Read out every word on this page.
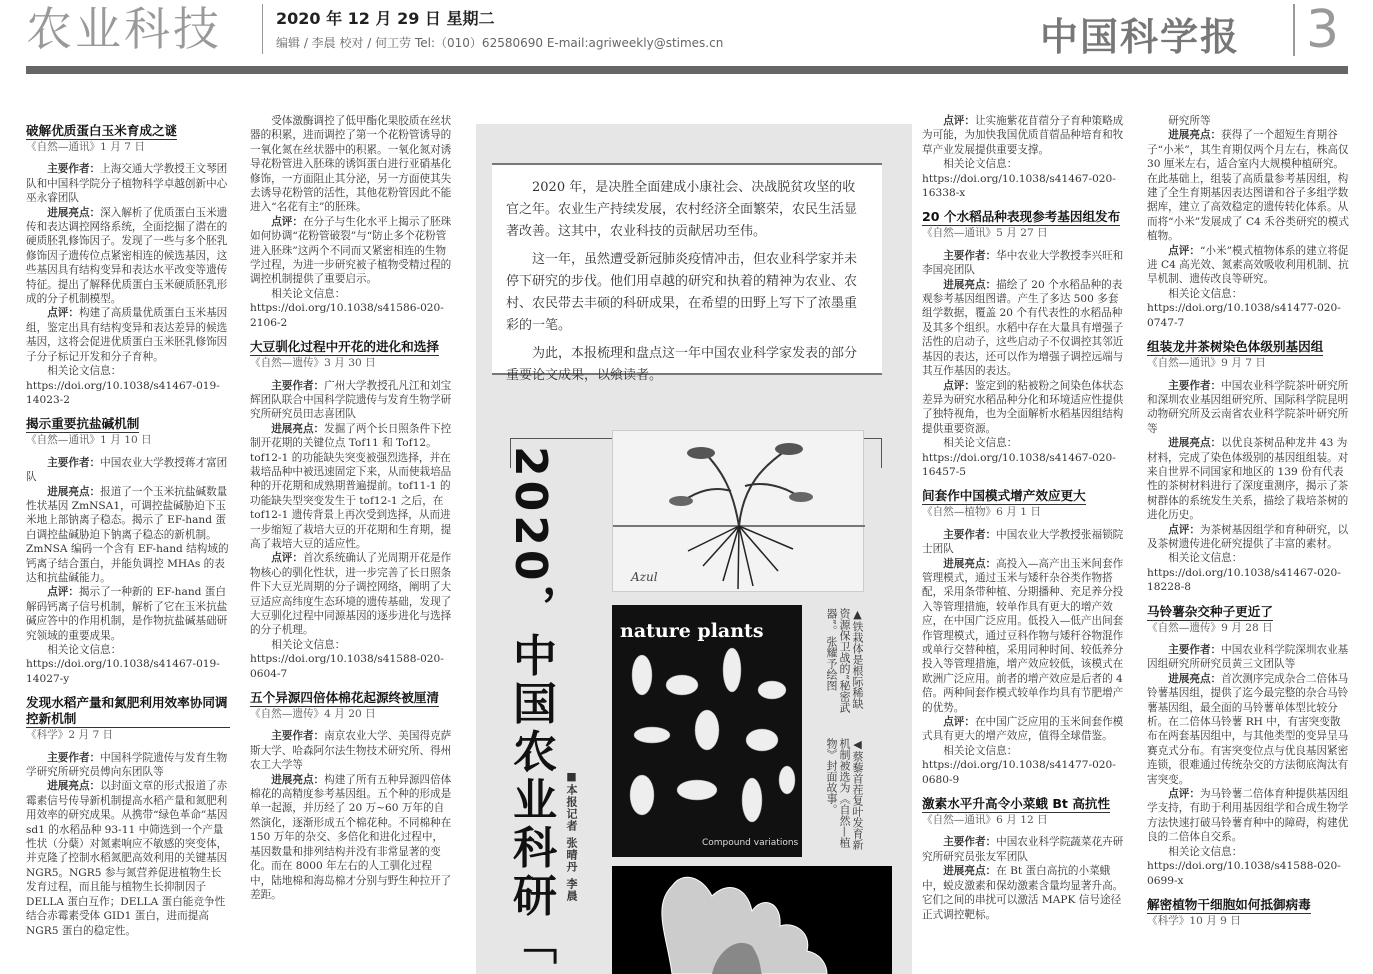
农业科技	2020 年 12 月 29 日 星期二
编辑 / 李晨 校对 / 何工劳 Tel:（010）62580690 E-mail:agriweekly@stimes.cn	中国科学报 3
破解优质蛋白玉米育成之谜
《自然—通讯》1 月 7 日

主要作者：上海交通大学教授王文琴团队和中国科学院分子植物科学卓越创新中心巫永睿团队

进展亮点：深入解析了优质蛋白玉米遗传和表达调控网络系统，全面挖掘了潜在的硬质胚乳修饰因子。发现了一些与多个胚乳修饰因子遗传位点紧密相连的候选基因，这些基因具有结构变异和表达水平改变等遗传特征。提出了解释优质蛋白玉米硬质胚乳形成的分子机制模型。

点评：构建了高质量优质蛋白玉米基因组，鉴定出具有结构变异和表达差异的候选基因，这将会促进优质蛋白玉米胚乳修饰因子分子标记开发和分子育种。

相关论文信息：https://doi.org/10.1038/s41467-019-14023-2

揭示重要抗盐碱机制
《自然—通讯》1 月 10 日

主要作者：中国农业大学教授蒋才富团队

进展亮点：报道了一个玉米抗盐碱数量性状基因 ZmNSA1，可调控盐碱胁迫下玉米地上部钠离子稳态。揭示了 EF-hand 蛋白调控盐碱胁迫下钠离子稳态的新机制。ZmNSA 编码一个含有 EF-hand 结构域的钙离子结合蛋白，并能负调控 MHAs 的表达和抗盐碱能力。

点评：揭示了一种新的 EF-hand 蛋白解码钙离子信号机制，解析了它在玉米抗盐碱应答中的作用机制，是作物抗盐碱基础研究领域的重要成果。

相关论文信息：https://doi.org/10.1038/s41467-019-14027-y

发现水稻产量和氮肥利用效率协同调控新机制
《科学》2 月 7 日

主要作者：中国科学院遗传与发育生物学研究所研究员傅向东团队等

进展亮点：以封面文章的形式报道了赤霉素信号传导新机制提高水稻产量和氮肥利用效率的研究成果。从携带“绿色革命”基因 sd1 的水稻品种 93-11 中筛选到一个产量性状（分蘖）对氮素响应不敏感的突变体，并克隆了控制水稻氮肥高效利用的关键基因 NGR5。NGR5 参与氮营养促进植物生长发育过程，而且能与植物生长抑制因子 DELLA 蛋白互作；DELLA 蛋白能竞争性结合赤霉素受体 GID1 蛋白，进而提高 NGR5 蛋白的稳定性。

受体激酶调控了低甲酯化果胶质在丝状器的积累，进而调控了第一个花粉管诱导的一氧化氮在丝状器中的积累。一氧化氮对诱导花粉管进入胚珠的诱饵蛋白进行亚硝基化修饰，一方面阻止其分泌，另一方面使其失去诱导花粉管的活性，其他花粉管因此不能进入“名花有主”的胚珠。

点评：在分子与生化水平上揭示了胚珠如何协调“花粉管破裂”与“防止多个花粉管进入胚珠”这两个不同而又紧密相连的生物学过程，为进一步研究被子植物受精过程的调控机制提供了重要启示。

相关论文信息：https://doi.org/10.1038/s41586-020-2106-2

大豆驯化过程中开花的进化和选择
《自然—遗传》3 月 30 日

主要作者：广州大学教授孔凡江和刘宝辉团队联合中国科学院遗传与发育生物学研究所研究员田志喜团队

进展亮点：发掘了两个长日照条件下控制开花期的关键位点 Tof11 和 Tof12。tof12-1 的功能缺失突变被强烈选择，并在栽培品种中被迅速固定下来，从而使栽培品种的开花期和成熟期普遍提前。tof11-1 的功能缺失型突变发生于 tof12-1 之后，在 tof12-1 遗传背景上再次受到选择，从而进一步缩短了栽培大豆的开花期和生育期，提高了栽培大豆的适应性。

点评：首次系统确认了光周期开花是作物核心的驯化性状，进一步完善了长日照条件下大豆光周期的分子调控网络，阐明了大豆适应高纬度生态环境的遗传基础，发现了大豆驯化过程中同源基因的逐步进化与选择的分子机理。

相关论文信息：https://doi.org/10.1038/s41588-020-0604-7

五个异源四倍体棉花起源终被厘清
《自然—遗传》4 月 20 日

主要作者：南京农业大学、美国得克萨斯大学、哈森阿尔法生物技术研究所、得州农工大学等

进展亮点：构建了所有五种异源四倍体棉花的高精度参考基因组。五个种的形成是单一起源，并历经了 20 万~60 万年的自然演化，逐渐形成五个棉花种。不同棉种在 150 万年的杂交、多倍化和进化过程中，基因数量和排列结构并没有非常显著的变化。而在 8000 年左右的人工驯化过程中，陆地棉和海岛棉才分别与野生种拉开了差距。

点评：让实施紫花苜蓿分子育种策略成为可能，为加快我国优质苜蓿品种培育和牧草产业发展提供重要支撑。

相关论文信息：https://doi.org/10.1038/s41467-020-16338-x

20 个水稻品种表现参考基因组发布
《自然—通讯》5 月 27 日

主要作者：华中农业大学教授李兴旺和李国亮团队

进展亮点：描绘了 20 个水稻品种的表观参考基因组图谱。产生了多达 500 多套组学数据，覆盖 20 个有代表性的水稻品种及其多个组织。水稻中存在大量具有增强子活性的启动子，这些启动子不仅调控其邻近基因的表达，还可以作为增强子调控远端与其互作基因的表达。

点评：鉴定到的粘被粉之间染色体状态差异为研究水稻品种分化和环境适应性提供了独特视角，也为全面解析水稻基因组结构提供重要资源。

相关论文信息：https://doi.org/10.1038/s41467-020-16457-5

间套作中国模式增产效应更大
《自然—植物》6 月 1 日

主要作者：中国农业大学教授张福锁院士团队

进展亮点：高投入—高产出玉米间套作管理模式，通过玉米与矮秆杂谷类作物搭配，采用条带种植、分期播种、充足养分投入等管理措施，较单作具有更大的增产效应，在中国广泛应用。低投入—低产出间套作管理模式，通过豆科作物与矮秆谷物混作或单行交替种植，采用同种时间、较低养分投入等管理措施，增产效应较低，该模式在欧洲广泛应用。前者的增产效应是后者的 4 倍。两种间套作模式较单作均具有节肥增产的优势。

点评：在中国广泛应用的玉米间套作模式具有更大的增产效应，值得全球借鉴。

相关论文信息：https://doi.org/10.1038/s41477-020-0680-9

激素水平升高令小菜蛾 Bt 高抗性
《自然—通讯》6 月 12 日

主要作者：中国农业科学院蔬菜花卉研究所研究员张友军团队

进展亮点：在 Bt 蛋白高抗的小菜蛾中，蜕皮激素和保幼激素含量均显著升高。它们之间的串扰可以激活 MAPK 信号途径正式调控靶标。

研究所等

进展亮点：获得了一个超短生育期谷子“小米”，其生育期仅两个月左右，株高仅 30 厘米左右，适合室内大规模种植研究。在此基础上，组装了高质量参考基因组，构建了全生育期基因表达图谱和谷子多组学数据库，建立了高效稳定的遗传转化体系。从而将“小米”发展成了 C4 禾谷类研究的模式植物。

点评：“小米”模式植物体系的建立将促进 C4 高光效、氮素高效吸收利用机制、抗旱机制、遗传改良等研究。

相关论文信息：https://doi.org/10.1038/s41477-020-0747-7

组装龙井茶树染色体级别基因组
《自然—通讯》9 月 7 日

主要作者：中国农业科学院茶叶研究所和深圳农业基因组研究所、国际科学院昆明动物研究所及云南省农业科学院茶叶研究所等

进展亮点：以优良茶树品种龙井 43 为材料，完成了染色体级别的基因组组装。对来自世界不同国家和地区的 139 份有代表性的茶树材料进行了深度重测序，揭示了茶树群体的系统发生关系，描绘了栽培茶树的进化历史。

点评：为茶树基因组学和育种研究，以及茶树遗传进化研究提供了丰富的素材。

相关论文信息：https://doi.org/10.1038/s41467-020-18228-8

马铃薯杂交种子更近了
《自然—遗传》9 月 28 日

主要作者：中国农业科学院深圳农业基因组研究所研究员黄三文团队等

进展亮点：首次测序完成杂合二倍体马铃薯基因组，提供了迄今最完整的杂合马铃薯基因组，最全面的马铃薯单体型比较分析。在二倍体马铃薯 RH 中，有害突变散布在两套基因组中，与其他类型的变异呈马赛克式分布。有害突变位点与优良基因紧密连锁，很难通过传统杂交的方法彻底淘汰有害突变。

点评：为马铃薯二倍体育种提供基因组学支持，有助于利用基因组学和合成生物学方法快速打破马铃薯育种中的障碍，构建优良的二倍体自交系。

相关论文信息：https://doi.org/10.1038/s41588-020-0699-x

解密植物干细胞如何抵御病毒
《科学》10 月 9 日

2020 年，是决胜全面建成小康社会、决战脱贫攻坚的收官之年。农业生产持续发展，农村经济全面繁荣，农民生活显著改善。这其中，农业科技的贡献居功至伟。

这一年，虽然遭受新冠肺炎疫情冲击，但农业科学家并未停下研究的步伐。他们用卓越的研究和执着的精神为农业、农村、农民带去丰硕的科研成果，在希望的田野上写下了浓墨重彩的一笔。

为此，本报梳理和盘点这一年中国农业科学家发表的部分重要论文成果，以飨读者。

2020，中国农业科研「 ■本报记者 张晴丹 李晨
Azul
nature plants
Compound variations
▲铁栽体是根际稀缺资源保卫战的“秘密武器”。张耀予绘图
◀蔡藜首茬复叶发育新机制被选为《自然—植物》封面故事。
